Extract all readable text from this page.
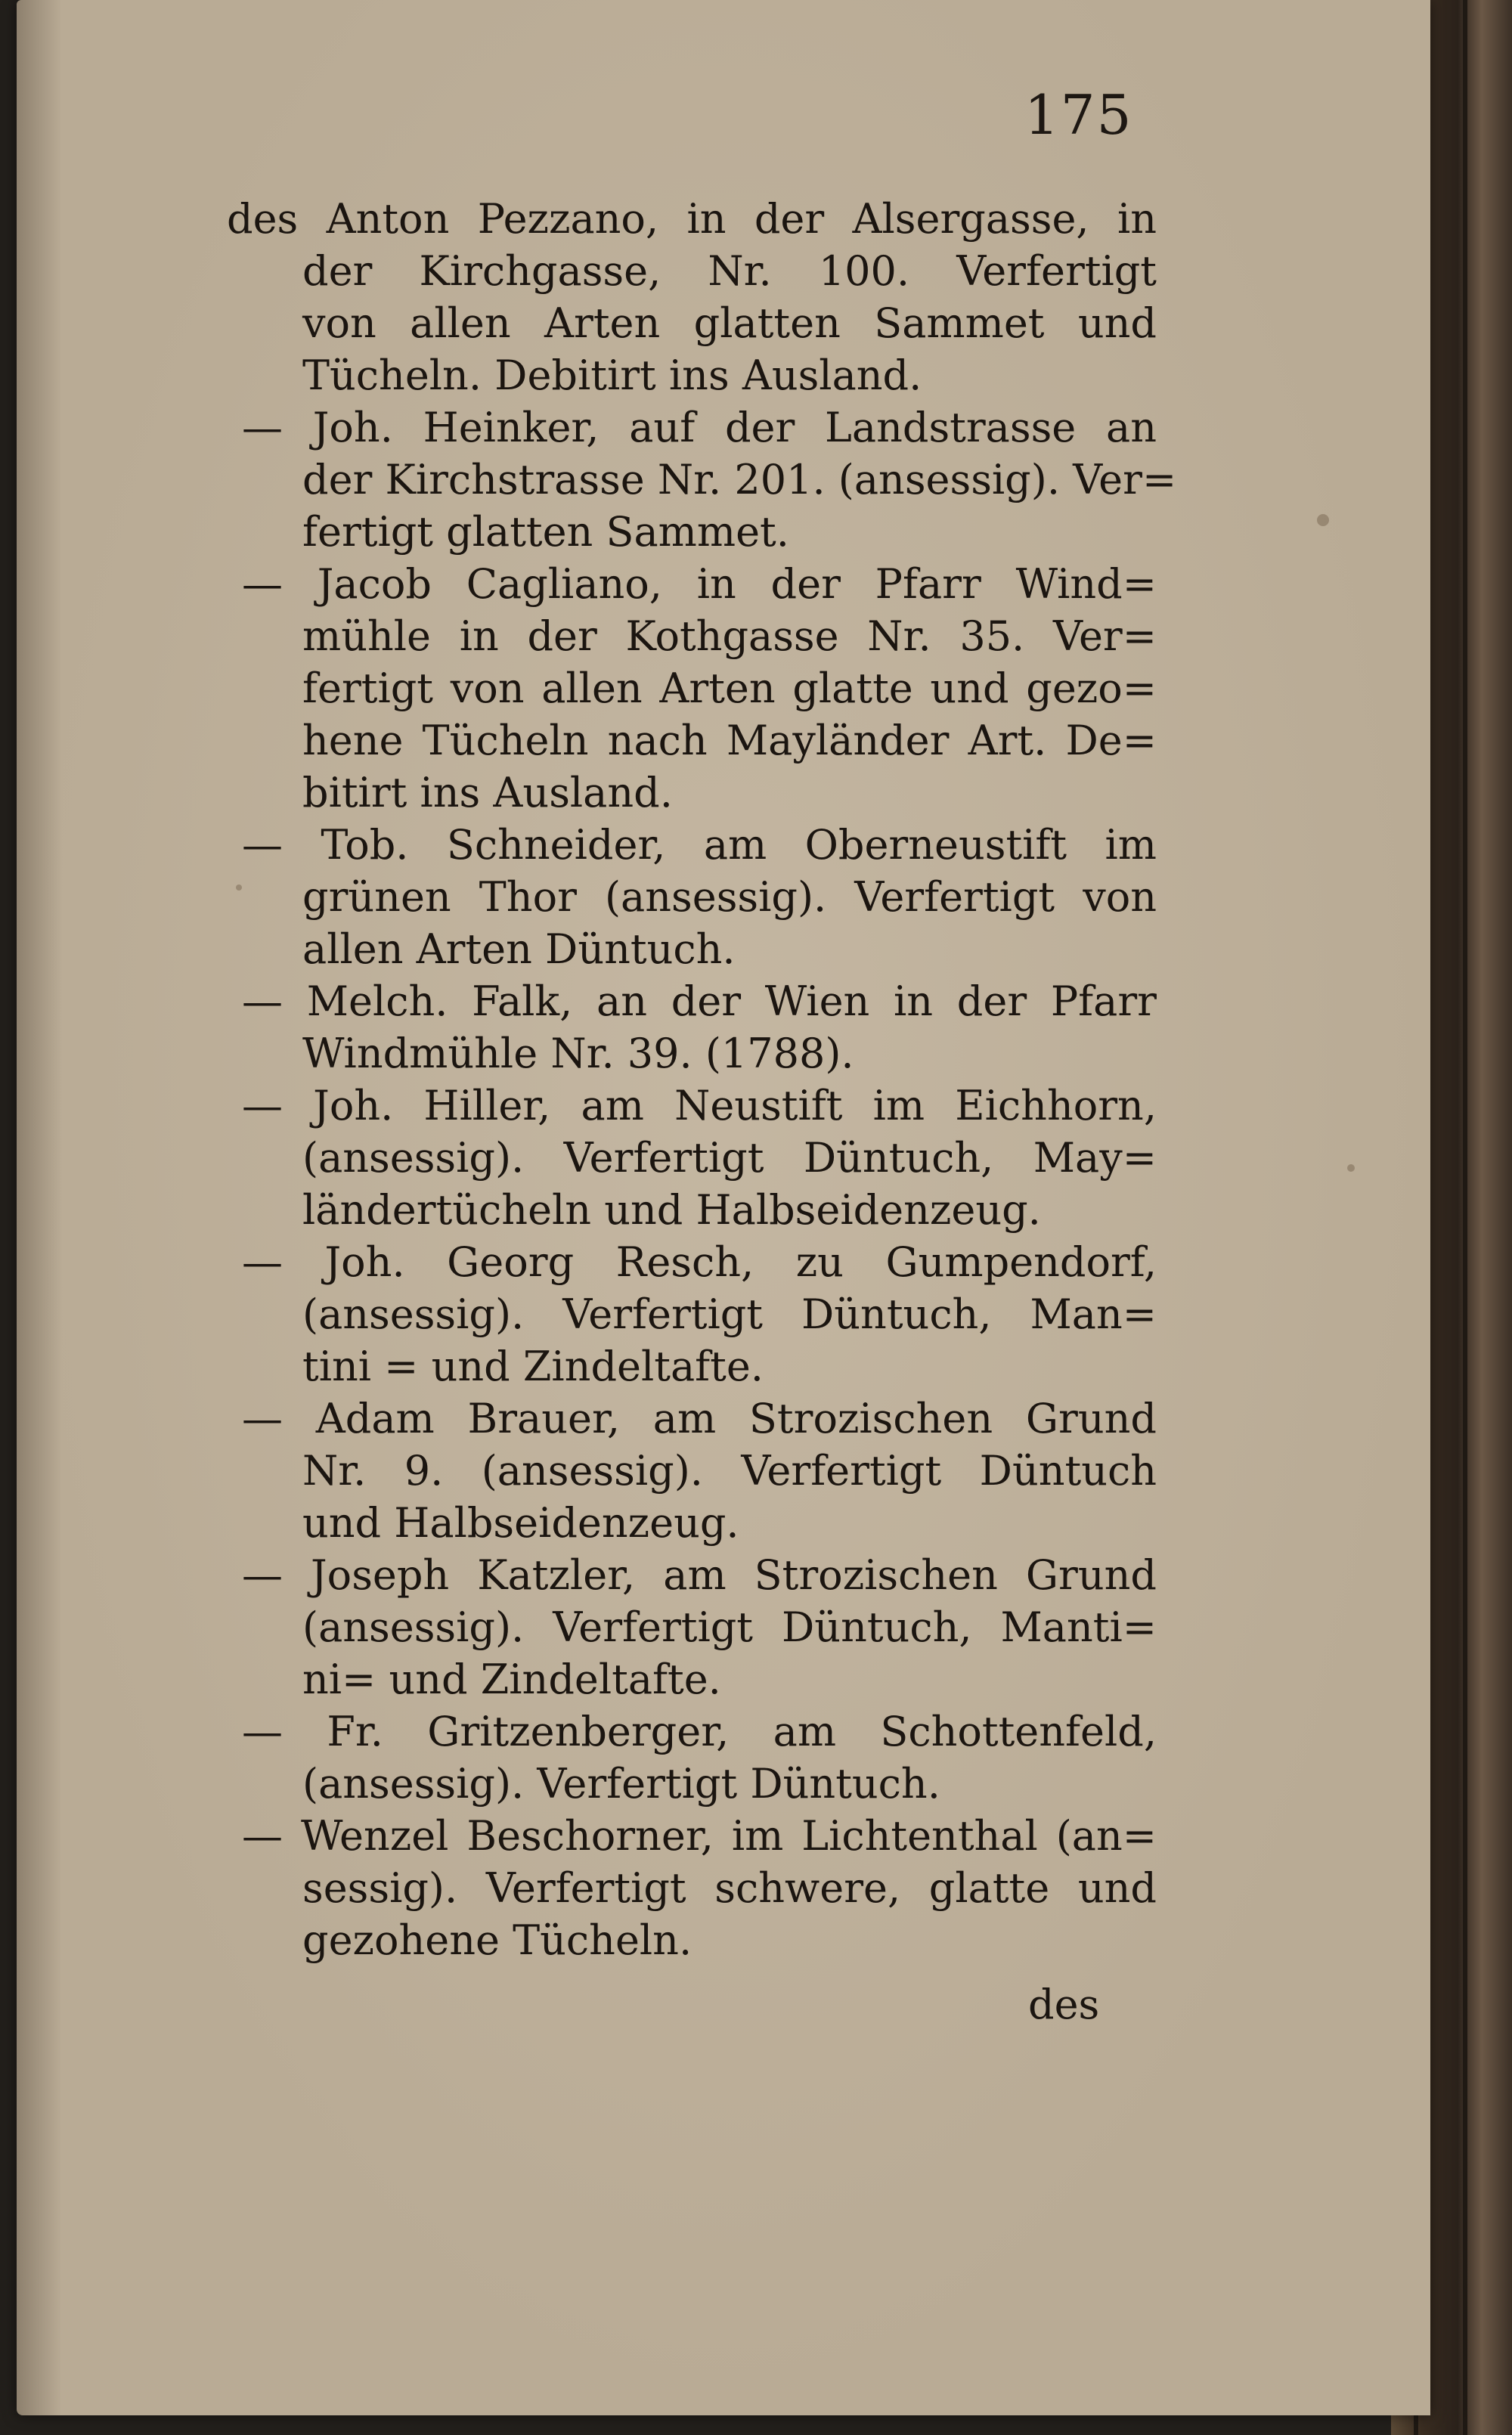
175
des Anton Pezzano, in der Alsergasse, in
der Kirchgasse, Nr. 100. Verfertigt
von allen Arten glatten Sammet und
Tücheln. Debitirt ins Ausland.
— Joh. Heinker, auf der Landstrasse an
der Kirchstrasse Nr. 201. (ansessig). Ver=
fertigt glatten Sammet.
— Jacob Cagliano, in der Pfarr Wind=
mühle in der Kothgasse Nr. 35. Ver=
fertigt von allen Arten glatte und gezo=
hene Tücheln nach Mayländer Art. De=
bitirt ins Ausland.
— Tob. Schneider, am Oberneustift im
grünen Thor (ansessig). Verfertigt von
allen Arten Düntuch.
— Melch. Falk, an der Wien in der Pfarr
Windmühle Nr. 39. (1788).
— Joh. Hiller, am Neustift im Eichhorn,
(ansessig). Verfertigt Düntuch, May=
ländertücheln und Halbseidenzeug.
— Joh. Georg Resch, zu Gumpendorf,
(ansessig). Verfertigt Düntuch, Man=
tini = und Zindeltafte.
— Adam Brauer, am Strozischen Grund
Nr. 9. (ansessig). Verfertigt Düntuch
und Halbseidenzeug.
— Joseph Katzler, am Strozischen Grund
(ansessig). Verfertigt Düntuch, Manti=
ni= und Zindeltafte.
— Fr. Gritzenberger, am Schottenfeld,
(ansessig). Verfertigt Düntuch.
— Wenzel Beschorner, im Lichtenthal (an=
sessig). Verfertigt schwere, glatte und
gezohene Tücheln.
des
